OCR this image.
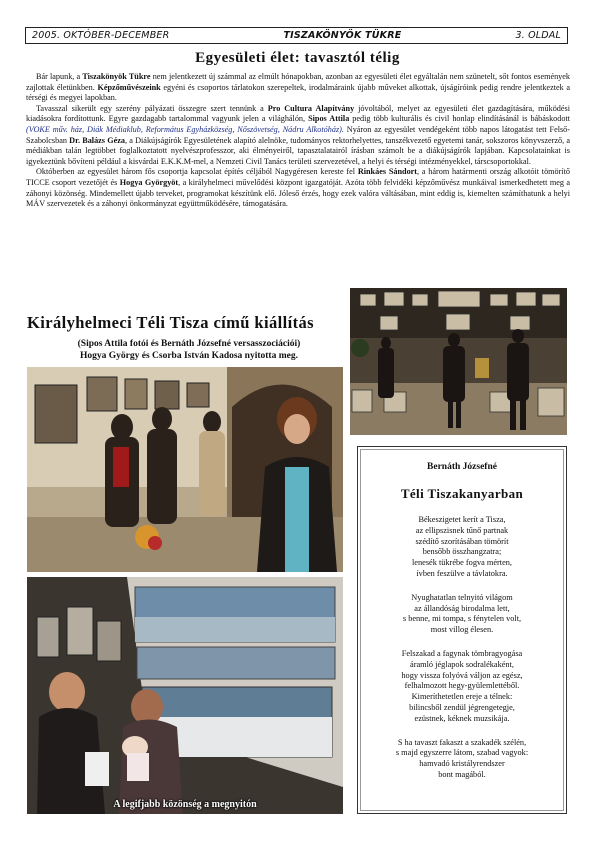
2005. OKTÓBER-DECEMBER	TISZAKÖNYÖK TÜKRE	3. OLDAL
Egyesületi élet: tavasztól télig

Bár lapunk, a Tiszakönyök Tükre nem jelentkezett új számmal az elmúlt hónapokban, azonban az egyesületi élet egyáltalán nem szünetelt, sőt fontos események zajlottak életünkben. Képzőművészeink egyéni és csoportos tárlatokon szerepeltek, irodalmáraink újabb műveket alkottak, újságíróink pedig rendre jelentkeztek a térségi és megyei lapokban.

Tavasszal sikerült egy szerény pályázati összegre szert tennünk a Pro Cultura Alapítvány jóvoltából, melyet az egyesületi élet gazdagítására, működési kiadásokra fordítottunk. Egyre gazdagabb tartalommal vagyunk jelen a világhálón, Sipos Attila pedig több kulturális és civil honlap elindításánál is bábáskodott (VOKE műv. ház, Diák Médiaklub, Református Egyházközség, Nőszövetség, Nádru Alkotóház). Nyáron az egyesület vendégeként több napos látogatást tett Felső-Szabolcsban Dr. Balázs Géza, a Diákújságírók Egyesületének alapító alelnöke, tudományos rektorhelyettes, tanszékvezető egyetemi tanár, sokszoros könyvszerző, a médiákban talán legtöbbet foglalkoztatott nyelvészprofesszor, aki élményeiről, tapasztalatairól írásban számolt be a diákújságírók lapjában. Kapcsolatainkat is igyekeztünk bővíteni például a kisvárdai E.K.K.M-mel, a Nemzeti Civil Tanács területi szervezetével, a helyi és térségi intézményekkel, társcsoportokkal.

Októberben az egyesület három fős csoportja kapcsolat építés céljából Nagygéresen kereste fel Rinkáes Sándort, a három határmenti ország alkotóit tömörítő TICCE csoport vezetőjét és Hogya Györgyöt, a királyhelmeci művelődési központ igazgatóját. Azóta több felvidéki képzőművész munkáival ismerkedhetett meg a záhonyi közönség. Mindemellett újabb terveket, programokat készítünk elő. Jóleső érzés, hogy ezek valóra váltásában, mint eddig is, kiemelten számíthatunk a helyi MÁV szervezetek és a záhonyi önkormányzat együttműködésére, támogatására.

Királyhelmeci Téli Tisza című kiállítás
(Sipos Attila fotói és Bernáth Józsefné versasszociációi)
Hogya György és Csorba István Kadosa nyitotta meg.
A legifjabb közönség a megnyitón
Bernáth Józsefné
Téli Tiszakanyarban
Békeszigetet kerít a Tisza,
az ellipszisnek tűnő partnak
szédítő szorításában tömörít
bensőbb összhangzatra;
lenesék tükrébe fogva mérten,
ívben feszülve a távlatokra.
Nyughatatlan telnyitó világom
az állandóság birodalma lett,
s benne, mi tompa, s fénytelen volt,
most villog élesen.
Felszakad a fagynak tömbragyogása
áramló jéglapok sodralékaként,
hogy visszа folyóvá váljon az egész,
felhalmozott hegy-gyülemlettéből.
Kimeríthetetlen ereje a télnek:
bilincsből zendül jégrengetegje,
ezüstnek, kéknek muzsikája.
S ha tavaszt fakaszt a szakadék szélén,
s majd egyszerre látom, szabad vagyok:
hamvadó kristályrendszer
bont magából.
